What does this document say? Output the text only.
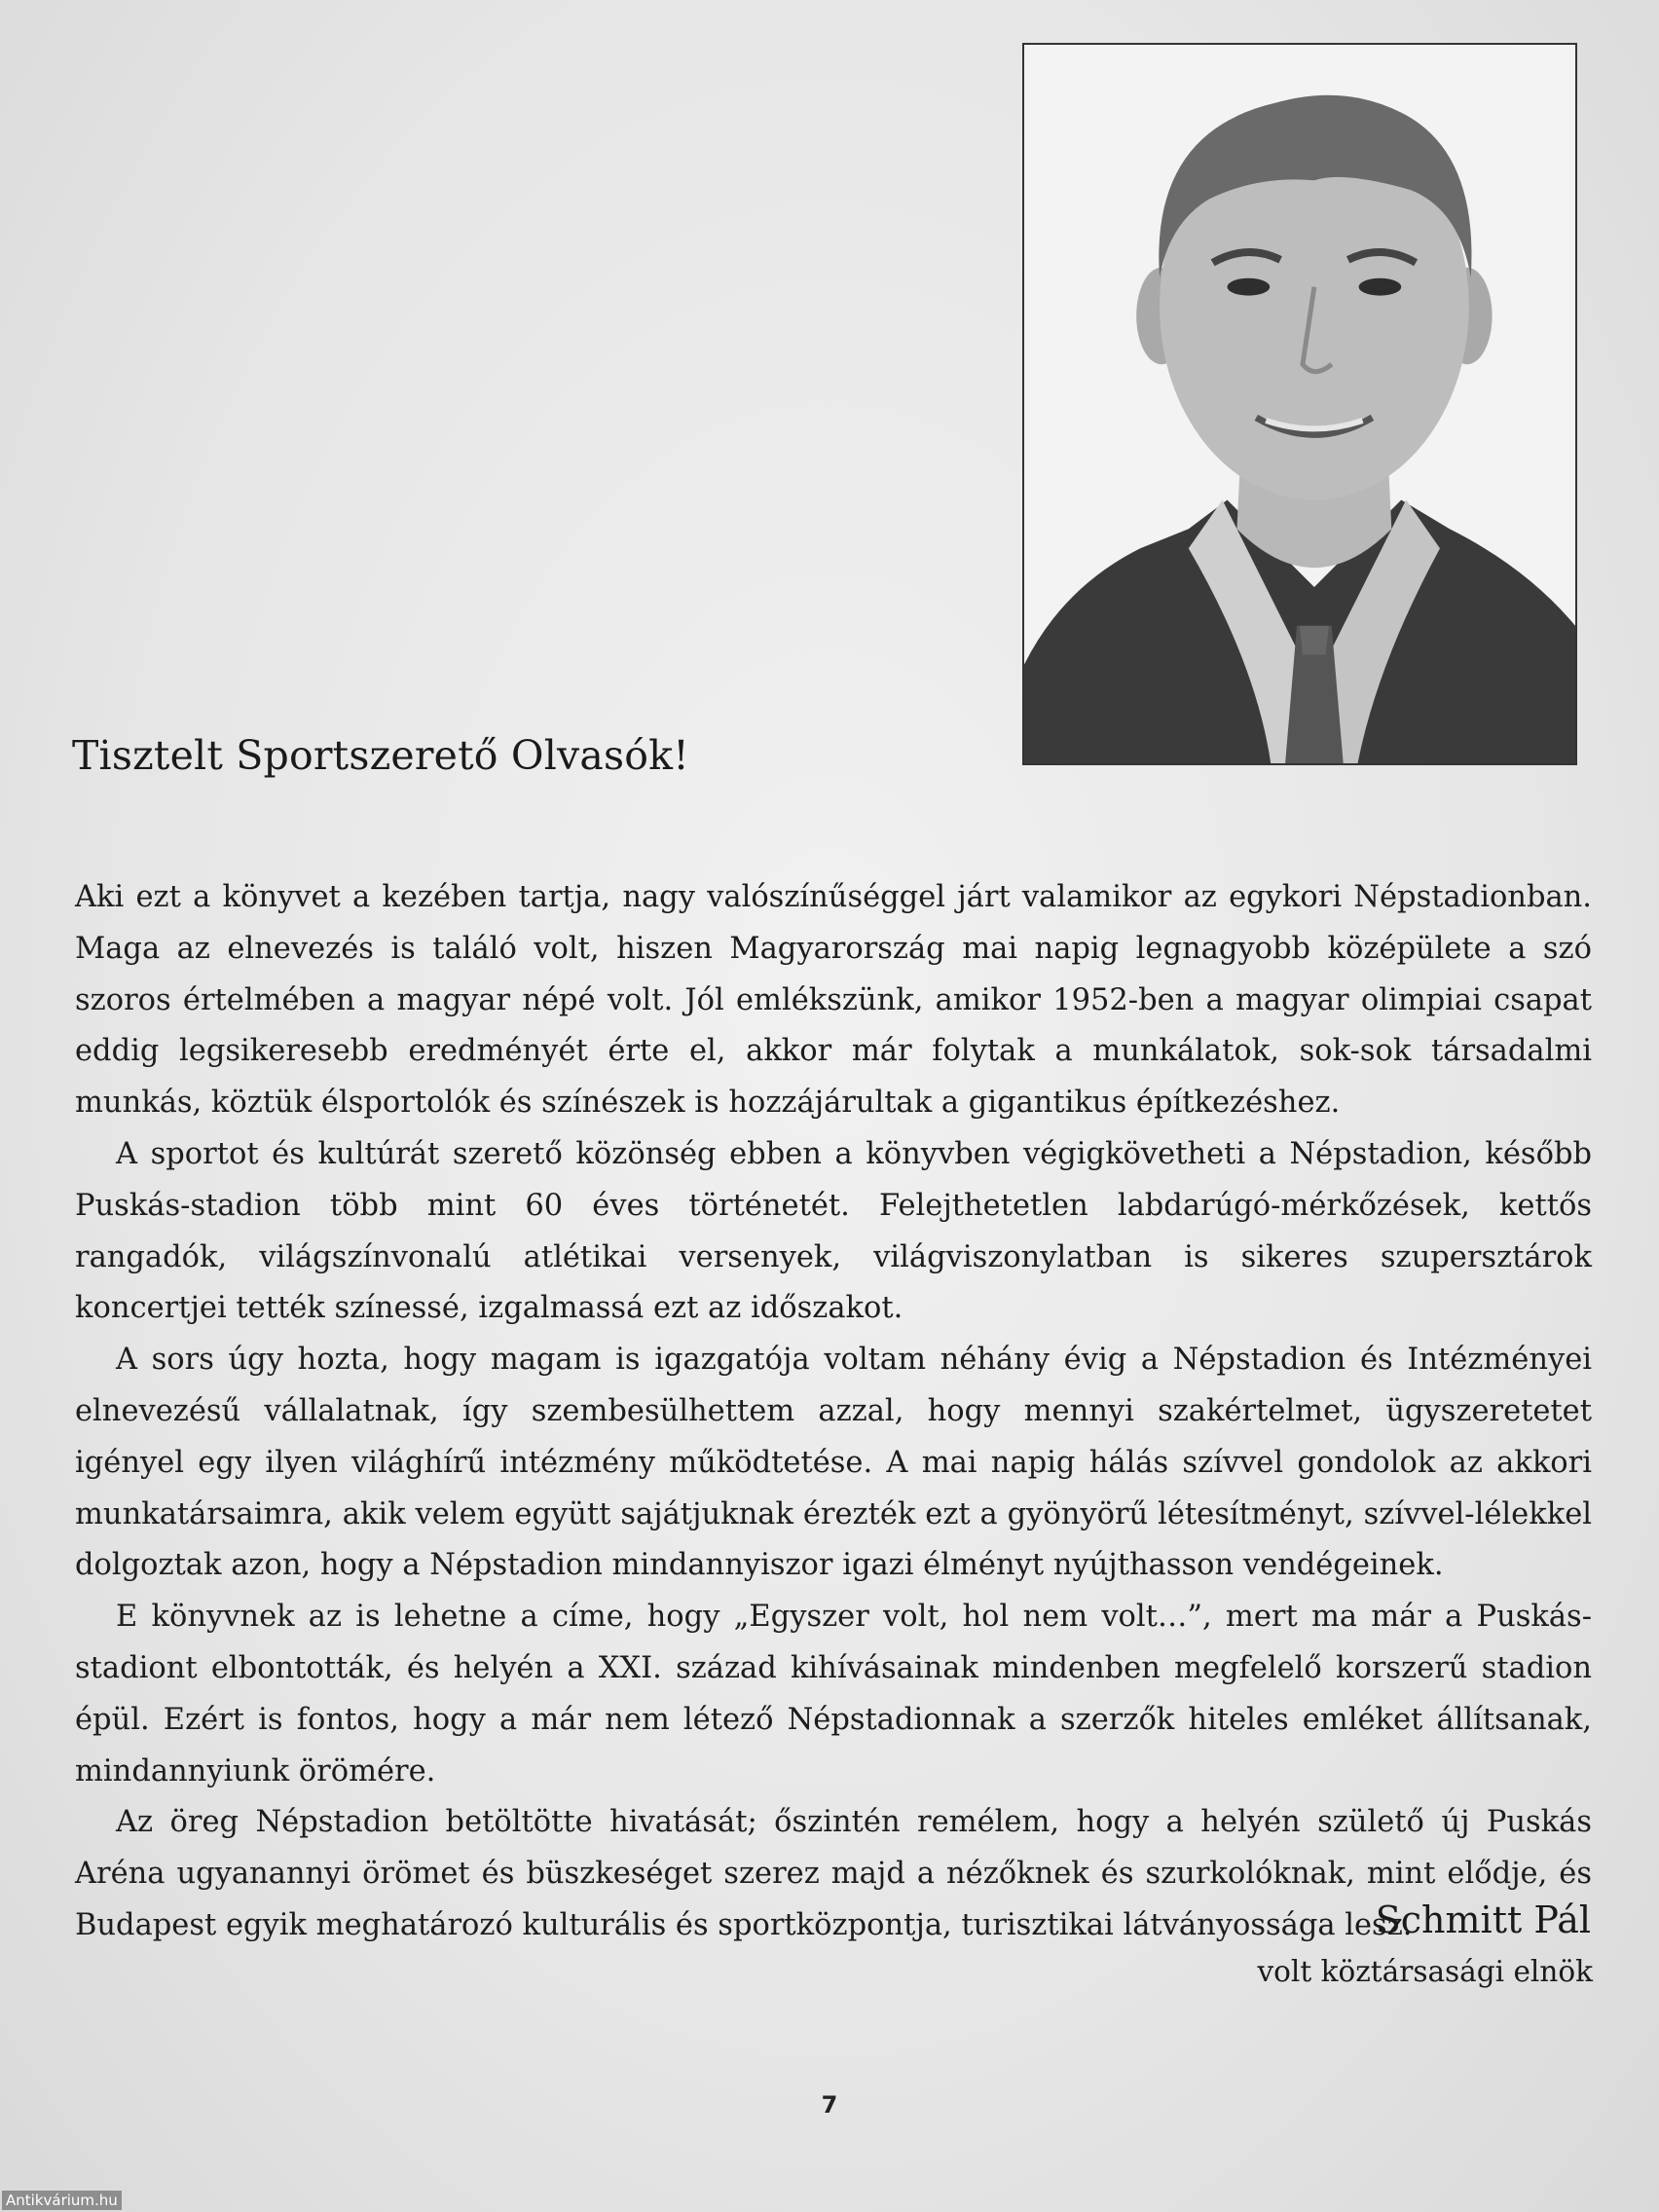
Tisztelt Sportszerető Olvasók!

Aki ezt a könyvet a kezében tartja, nagy valószínűséggel járt valamikor az egykori Népstadionban. Maga az elnevezés is találó volt, hiszen Magyarország mai napig legnagyobb középülete a szó szoros értelmében a magyar népé volt. Jól emlékszünk, amikor 1952-ben a magyar olimpiai csapat eddig legsikeresebb eredményét érte el, akkor már folytak a munkálatok, sok-sok társadalmi munkás, köztük élsportolók és színészek is hozzájárultak a gigantikus építkezéshez.

A sportot és kultúrát szerető közönség ebben a könyvben végigkövetheti a Népstadion, később Puskás-stadion több mint 60 éves történetét. Felejthetetlen labdarúgó-mérkőzések, kettős rangadók, világszínvonalú atlétikai versenyek, világviszonylatban is sikeres szupersztárok koncertjei tették színessé, izgalmassá ezt az időszakot.

A sors úgy hozta, hogy magam is igazgatója voltam néhány évig a Népstadion és Intézményei elnevezésű vállalatnak, így szembesülhettem azzal, hogy mennyi szakértelmet, ügyszeretetet igényel egy ilyen világhírű intézmény működtetése. A mai napig hálás szívvel gondolok az akkori munkatársaimra, akik velem együtt sajátjuknak érezték ezt a gyönyörű létesítményt, szívvel-lélekkel dolgoztak azon, hogy a Népstadion mindannyiszor igazi élményt nyújthasson vendégeinek.

E könyvnek az is lehetne a címe, hogy „Egyszer volt, hol nem volt…”, mert ma már a Puskás-stadiont elbontották, és helyén a XXI. század kihívásainak mindenben megfelelő korszerű stadion épül. Ezért is fontos, hogy a már nem létező Népstadionnak a szerzők hiteles emléket állítsanak, mindannyiunk örömére.

Az öreg Népstadion betöltötte hivatását; őszintén remélem, hogy a helyén születő új Puskás Aréna ugyanannyi örömet és büszkeséget szerez majd a nézőknek és szurkolóknak, mint elődje, és Budapest egyik meghatározó kulturális és sportközpontja, turisztikai látványossága lesz.

Schmitt Pál
volt köztársasági elnök
7
Antikvárium.hu
